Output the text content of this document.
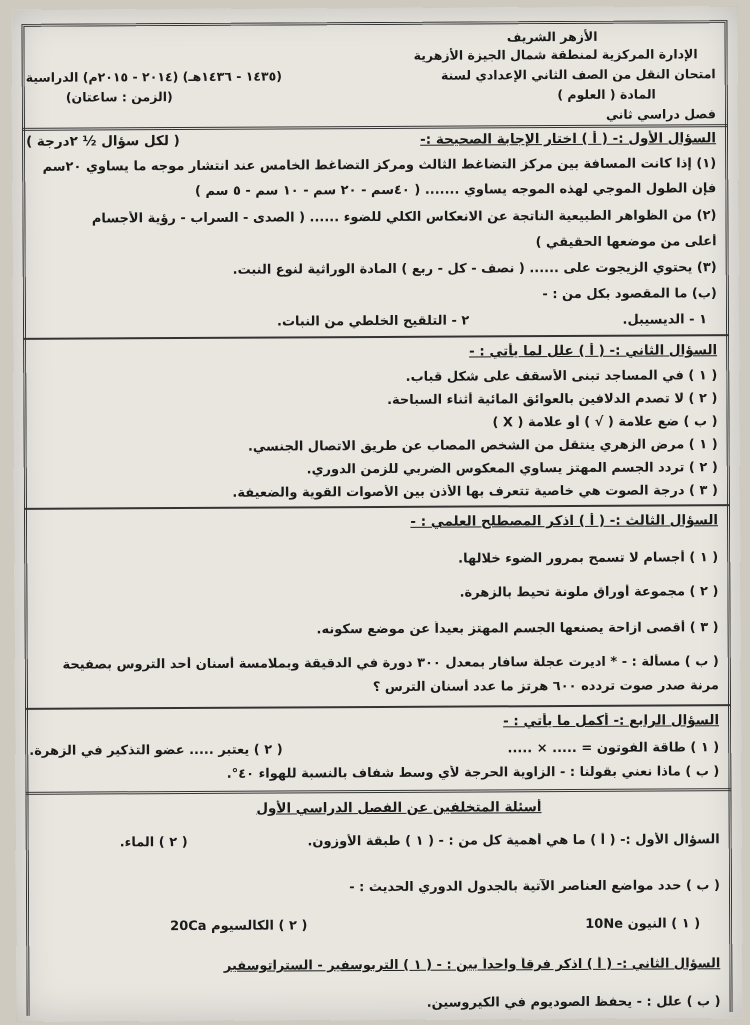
الأزهر الشريف
الإدارة المركزية لمنطقة شمال الجيزة الأزهرية
امتحان النقل من الصف الثاني الإعدادي لسنة
(١٤٣٥ - ١٤٣٦هـ) (٢٠١٤ - ٢٠١٥م) الدراسية
المادة ( العلوم )
(الزمن : ساعتان)
فصل دراسي ثاني
السؤال الأول :- ( أ ) اختار الإجابة الصحيحة :-
( لكل سؤال ½ ٢درجة )
(١) إذا كانت المسافة بين مركز التضاغط الثالث ومركز التضاغط الخامس عند انتشار موجه ما يساوي ٢٠سم
فإن الطول الموجي لهذه الموجه يساوي ....... ( ٤٠سم - ٢٠ سم - ١٠ سم - ٥ سم )
(٢) من الظواهر الطبيعية الناتجة عن الانعكاس الكلي للضوء ...... ( الصدى - السراب - رؤية الأجسام
أعلى من موضعها الحقيقي )
(٣) يحتوي الزيجوت على ...... ( نصف - كل - ربع ) المادة الوراثية لنوع النبت.
(ب) ما المقصود بكل من : -
١ - الديسيبل.
٢ - التلقيح الخلطي من النبات.
السؤال الثاني :- ( أ ) علل لما يأتي : -
( ١ ) في المساجد تبنى الأسقف على شكل قباب.
( ٢ ) لا تصدم الدلافين بالعوائق المائية أثناء السباحة.
( ب ) ضع علامة ( √ ) أو علامة ( X )
( ١ ) مرض الزهري ينتقل من الشخص المصاب عن طريق الاتصال الجنسي.
( ٢ ) تردد الجسم المهتز يساوي المعكوس الضربي للزمن الدوري.
( ٣ ) درجة الصوت هي خاصية تتعرف بها الأذن بين الأصوات القوية والضعيفة.
السؤال الثالث :- ( أ ) اذكر المصطلح العلمي : -
( ١ ) أجسام لا تسمح بمرور الضوء خلالها.
( ٢ ) مجموعة أوراق ملونة تحيط بالزهرة.
( ٣ ) أقصى ازاحة يصنعها الجسم المهتز بعيداً عن موضع سكونه.
( ب ) مسألة : - * اديرت عجلة سافار بمعدل ٣٠٠ دورة في الدقيقة وبملامسة أسنان أحد التروس بصفيحة
مرنة صدر صوت تردده ٦٠٠ هرتز ما عدد أسنان الترس ؟
السؤال الرابع :- أكمل ما يأتي : -
( ١ ) طاقة الفوتون = ..... × .....
( ٢ ) يعتبر ..... عضو التذكير في الزهرة.
( ب ) ماذا نعني بقولنا : - الزاوية الحرجة لأي وسط شفاف بالنسبة للهواء ٤٠°.
أسئلة المتخلفين عن الفصل الدراسي الأول
السؤال الأول :- ( أ ) ما هي أهمية كل من : - ( ١ ) طبقة الأوزون.
( ٢ ) الماء.
( ب ) حدد مواضع العناصر الآتية بالجدول الدوري الحديث : -
( ١ ) النيون 10Ne
( ٢ ) الكالسيوم 20Ca
السؤال الثاني :- ( أ ) اذكر فرقاً واحداً بين : - ( ١ ) التربوسفير - الستراتوسفير
( ب ) علل : - يحفظ الصوديوم في الكيروسين.
